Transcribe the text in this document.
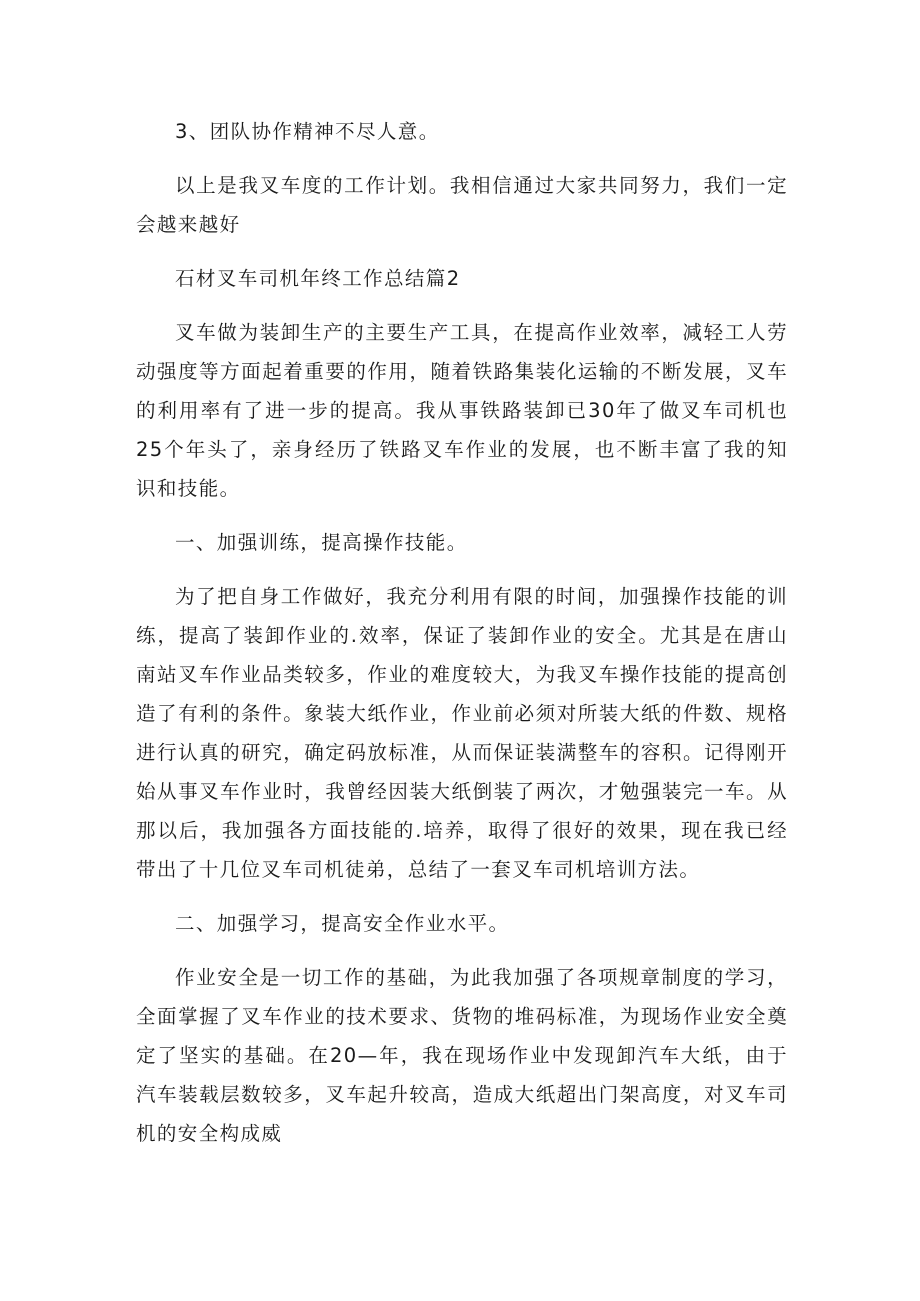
3、团队协作精神不尽人意。

以上是我叉车度的工作计划。我相信通过大家共同努力，我们一定会越来越好

石材叉车司机年终工作总结篇2

叉车做为装卸生产的主要生产工具，在提高作业效率，减轻工人劳动强度等方面起着重要的作用，随着铁路集装化运输的不断发展，叉车的利用率有了进一步的提高。我从事铁路装卸已30年了做叉车司机也25个年头了，亲身经历了铁路叉车作业的发展，也不断丰富了我的知识和技能。

一、加强训练，提高操作技能。

为了把自身工作做好，我充分利用有限的时间，加强操作技能的训练，提高了装卸作业的.效率，保证了装卸作业的安全。尤其是在唐山南站叉车作业品类较多，作业的难度较大，为我叉车操作技能的提高创造了有利的条件。象装大纸作业，作业前必须对所装大纸的件数、规格进行认真的研究，确定码放标准，从而保证装满整车的容积。记得刚开始从事叉车作业时，我曾经因装大纸倒装了两次，才勉强装完一车。从那以后，我加强各方面技能的.培养，取得了很好的效果，现在我已经带出了十几位叉车司机徒弟，总结了一套叉车司机培训方法。

二、加强学习，提高安全作业水平。

作业安全是一切工作的基础，为此我加强了各项规章制度的学习，全面掌握了叉车作业的技术要求、货物的堆码标准，为现场作业安全奠定了坚实的基础。在20—年，我在现场作业中发现卸汽车大纸，由于汽车装载层数较多，叉车起升较高，造成大纸超出门架高度，对叉车司机的安全构成威
